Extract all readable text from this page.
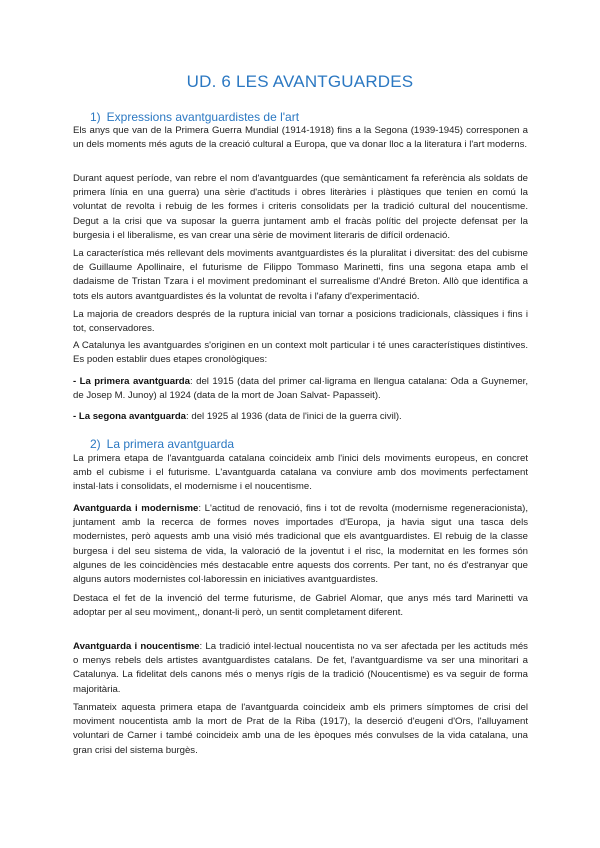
UD. 6 LES AVANTGUARDES
1) Expressions avantguardistes de l'art

Els anys que van de la Primera Guerra Mundial (1914-1918) fins a la Segona (1939-1945) corresponen a un dels moments més aguts de la creació cultural a Europa, que va donar lloc a la literatura i l'art moderns.

Durant aquest període, van rebre el nom d'avantguardes (que semànticament fa referència als soldats de primera línia en una guerra) una sèrie d'actituds i obres literàries i plàstiques que tenien en comú la voluntat de revolta i rebuig de les formes i criteris consolidats per la tradició cultural del noucentisme. Degut a la crisi que va suposar la guerra juntament amb el fracàs polític del projecte defensat per la burgesia i el liberalisme, es van crear una sèrie de moviment literaris de difícil ordenació.

La característica més rellevant dels moviments avantguardistes és la pluralitat i diversitat: des del cubisme de Guillaume Apollinaire, el futurisme de Filippo Tommaso Marinetti, fins una segona etapa amb el dadaisme de Tristan Tzara i el moviment predominant el surrealisme d'André Breton. Allò que identifica a tots els autors avantguardistes és la voluntat de revolta i l'afany d'experimentació.

La majoria de creadors després de la ruptura inicial van tornar a posicions tradicionals, clàssiques i fins i tot, conservadores.

A Catalunya les avantguardes s'originen en un context molt particular i té unes característiques distintives. Es poden establir dues etapes cronològiques:

- La primera avantguarda: del 1915 (data del primer cal·ligrama en llengua catalana: Oda a Guynemer, de Josep M. Junoy) al 1924 (data de la mort de Joan Salvat- Papasseit).

- La segona avantguarda: del 1925 al 1936 (data de l'inici de la guerra civil).

2) La primera avantguarda

La primera etapa de l'avantguarda catalana coincideix amb l'inici dels moviments europeus, en concret amb el cubisme i el futurisme. L'avantguarda catalana va conviure amb dos moviments perfectament instal·lats i consolidats, el modernisme i el noucentisme.

Avantguarda i modernisme: L'actitud de renovació, fins i tot de revolta (modernisme regeneracionista), juntament amb la recerca de formes noves importades d'Europa, ja havia sigut una tasca dels modernistes, però aquests amb una visió més tradicional que els avantguardistes. El rebuig de la classe burgesa i del seu sistema de vida, la valoració de la joventut i el risc, la modernitat en les formes són algunes de les coincidències més destacable entre aquests dos corrents. Per tant, no és d'estranyar que alguns autors modernistes col·laboressin en iniciatives avantguardistes.

Destaca el fet de la invenció del terme futurisme, de Gabriel Alomar, que anys més tard Marinetti va adoptar per al seu moviment,, donant-li però, un sentit completament diferent.

Avantguarda i noucentisme: La tradició intel·lectual noucentista no va ser afectada per les actituds més o menys rebels dels artistes avantguardistes catalans. De fet, l'avantguardisme va ser una minoritari a Catalunya. La fidelitat dels canons més o menys rígis de la tradició (Noucentisme) es va seguir de forma majoritària.

Tanmateix aquesta primera etapa de l'avantguarda coincideix amb els primers símptomes de crisi del moviment noucentista amb la mort de Prat de la Riba (1917), la deserció d'eugeni d'Ors, l'alluyament voluntari de Carner i també coincideix amb una de les èpoques més convulses de la vida catalana, una gran crisi del sistema burgès.
